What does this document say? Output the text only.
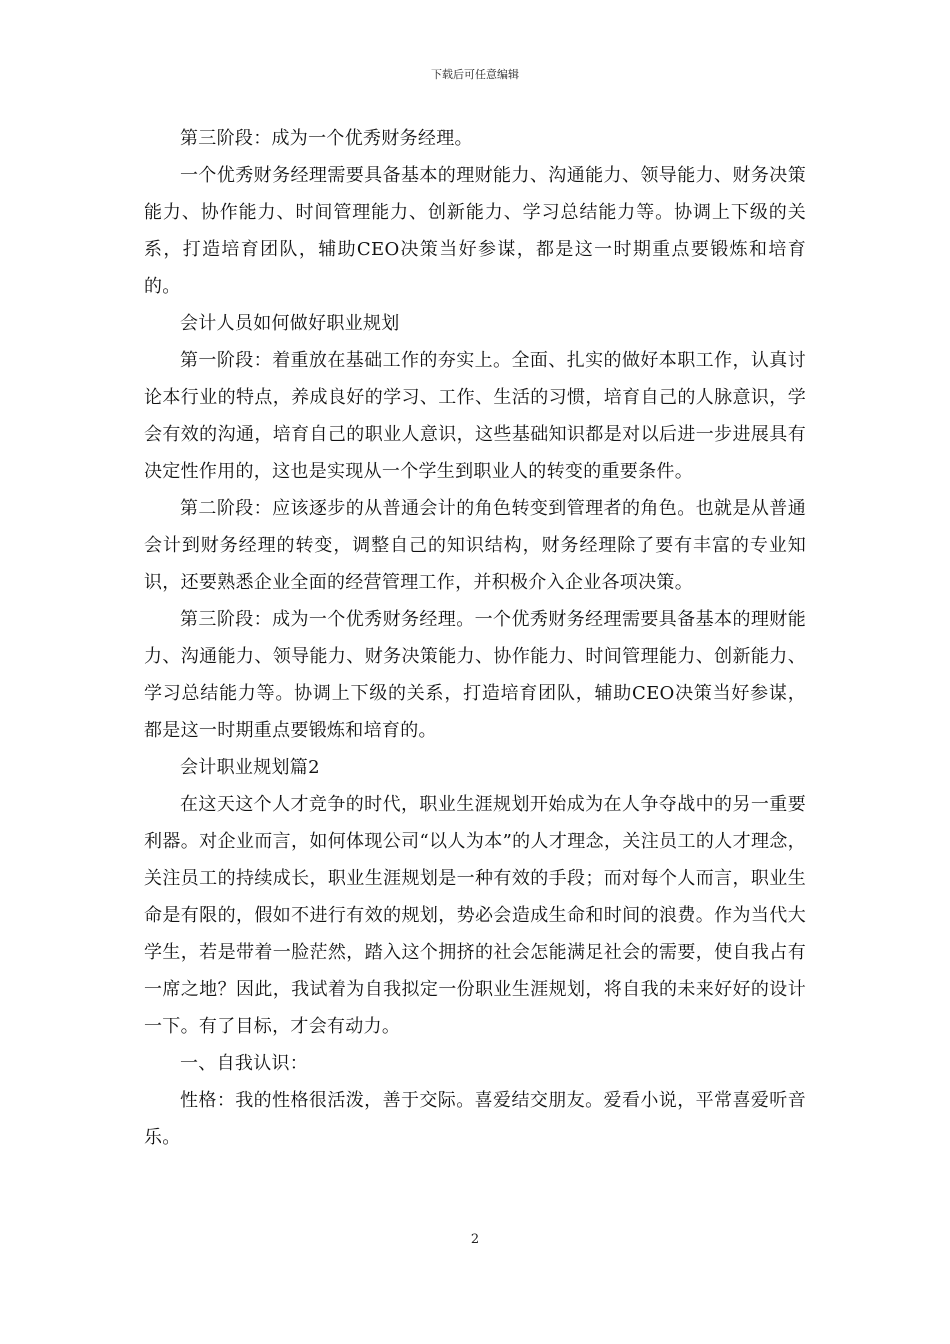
下载后可任意编辑

第三阶段：成为一个优秀财务经理。

一个优秀财务经理需要具备基本的理财能力、沟通能力、领导能力、财务决策能力、协作能力、时间管理能力、创新能力、学习总结能力等。协调上下级的关系，打造培育团队，辅助CEO决策当好参谋，都是这一时期重点要锻炼和培育的。

会计人员如何做好职业规划

第一阶段：着重放在基础工作的夯实上。全面、扎实的做好本职工作，认真讨论本行业的特点，养成良好的学习、工作、生活的习惯，培育自己的人脉意识，学会有效的沟通，培育自己的职业人意识，这些基础知识都是对以后进一步进展具有决定性作用的，这也是实现从一个学生到职业人的转变的重要条件。

第二阶段：应该逐步的从普通会计的角色转变到管理者的角色。也就是从普通会计到财务经理的转变，调整自己的知识结构，财务经理除了要有丰富的专业知识，还要熟悉企业全面的经营管理工作，并积极介入企业各项决策。

第三阶段：成为一个优秀财务经理。一个优秀财务经理需要具备基本的理财能力、沟通能力、领导能力、财务决策能力、协作能力、时间管理能力、创新能力、学习总结能力等。协调上下级的关系，打造培育团队，辅助CEO决策当好参谋，都是这一时期重点要锻炼和培育的。

会计职业规划篇2

在这天这个人才竞争的时代，职业生涯规划开始成为在人争夺战中的另一重要利器。对企业而言，如何体现公司“以人为本”的人才理念，关注员工的人才理念，关注员工的持续成长，职业生涯规划是一种有效的手段；而对每个人而言，职业生命是有限的，假如不进行有效的规划，势必会造成生命和时间的浪费。作为当代大学生，若是带着一脸茫然，踏入这个拥挤的社会怎能满足社会的需要，使自我占有一席之地？因此，我试着为自我拟定一份职业生涯规划，将自我的未来好好的设计一下。有了目标，才会有动力。

一、自我认识：

性格：我的性格很活泼，善于交际。喜爱结交朋友。爱看小说，平常喜爱听音乐。

2
